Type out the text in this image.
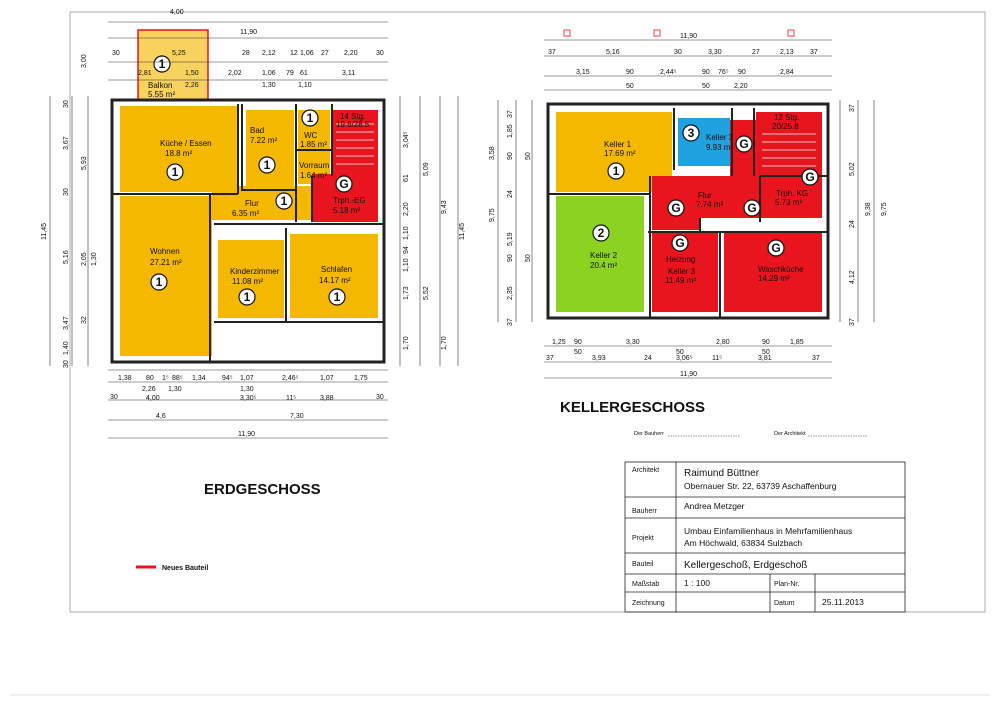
Balkon
5.55 m²
Küche / Essen
18.8 m²
Bad
7.22 m²
WC
1.85 m²
14 Stg.
19.6/28.5
Vorraum
1.64 m²
Flur
6.35 m²
Trph.-EG
5.18 m²
Wohnen
27.21 m²
Kinderzimmer
11.08 m²
Schlafen
14.17 m²
1
1	1
1
1
G
1
1	1
4,00
11,90
30	5,25	28 2,12 12 1,06 27 2,20	30
2,81	1,50
2,26
2,02	1,06 79 61
1,30	1,10
3,11
3,00
1,38 80 1⁵ 88⁵ 1,34 94⁵ 1,07	2,46⁵	1,07	1,75
2,26 1,30	1,30
4,00	3,30⁵	11⁵	3,88
30	30
4,6	7,30
11,90
30
3,67
5,93
30
11,45
5,16 2,05 1,30
3,47 32
1,40
30
3,04⁵
5,09
61
2,20	9,43
11,45
1,10
94
1,10
1,73 5,52
1,70	1,70
Keller 1
17.69 m²
Keller 3
9.93 m²
12 Stg.
20/25.8
Flur
7.74 m²
Trph. KG
5.73 m²
Keller 2
20.4 m²
Heizung
Keller 3
11.49 m²
Waschküche
14.29 m²
1
3
G
G
G
G
2
G	G
11,90
37	5,16	30	3,30	27	2,13 37
3,15	90	2,44⁵	90 76⁵ 90	2,84
50	50	2,20
1,25 90	3,30	2,80	90	1,85
50	50	50
37	3,93	24	3,06⁵	11⁵	3,81	37
11,90
37
1,85
3,58 90 50
24
9,75
5,19
90 50
2,35
37
37
5,02
24
9,38 9,75
4,12
37
KELLERGESCHOSS
ERDGESCHOSS
Der Bauherr	Der Architekt
Neues Bauteil
Architekt Raimund Büttner
Obernauer Str. 22, 63739 Aschaffenburg
Bauherr
Andrea Metzger
Projekt
Umbau Einfamilienhaus in Mehrfamilienhaus
Am Höchwald, 63834 Sulzbach
Bauteil	Kellergeschoß, Erdgeschoß
Maßstab	1 : 100	Plan-Nr.
Zeichnung	Datum	25.11.2013
